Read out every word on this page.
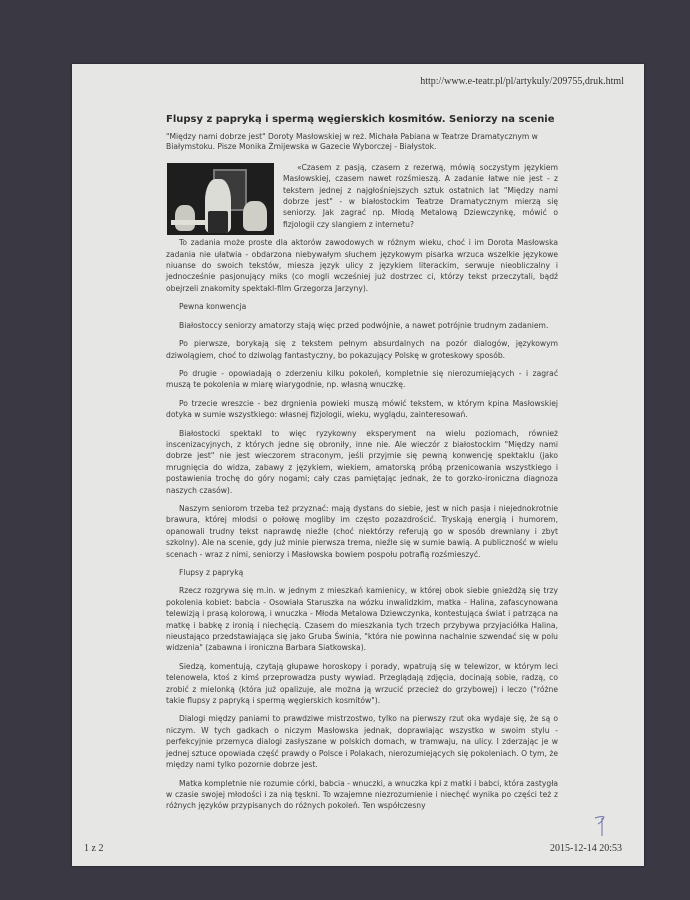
http://www.e-teatr.pl/pl/artykuly/209755,druk.html
Flupsy z papryką i spermą węgierskich kosmitów. Seniorzy na scenie
"Między nami dobrze jest" Doroty Masłowskiej w reż. Michała Pabiana w Teatrze Dramatycznym w Białymstoku. Pisze Monika Żmijewska w Gazecie Wyborczej - Białystok.

«Czasem z pasją, czasem z rezerwą, mówią soczystym językiem Masłowskiej, czasem nawet rozśmieszą. A zadanie łatwe nie jest - z tekstem jednej z najgłośniejszych sztuk ostatnich lat "Między nami dobrze jest" - w białostockim Teatrze Dramatycznym mierzą się seniorzy. Jak zagrać np. Młodą Metalową Dziewczynkę, mówić o fizjologii czy slangiem z internetu?

To zadania może proste dla aktorów zawodowych w różnym wieku, choć i im Dorota Masłowska zadania nie ułatwia - obdarzona niebywałym słuchem językowym pisarka wrzuca wszelkie językowe niuanse do swoich tekstów, miesza język ulicy z językiem literackim, serwuje nieobliczalny i jednocześnie pasjonujący miks (co mogli wcześniej już dostrzec ci, którzy tekst przeczytali, bądź obejrzeli znakomity spektakl-film Grzegorza Jarzyny).

Pewna konwencja

Białostoccy seniorzy amatorzy stają więc przed podwójnie, a nawet potrójnie trudnym zadaniem.

Po pierwsze, borykają się z tekstem pełnym absurdalnych na pozór dialogów, językowym dziwolągiem, choć to dziwoląg fantastyczny, bo pokazujący Polskę w groteskowy sposób.

Po drugie - opowiadają o zderzeniu kilku pokoleń, kompletnie się nierozumiejących - i zagrać muszą te pokolenia w miarę wiarygodnie, np. własną wnuczkę.

Po trzecie wreszcie - bez drgnienia powieki muszą mówić tekstem, w którym kpina Masłowskiej dotyka w sumie wszystkiego: własnej fizjologii, wieku, wyglądu, zainteresowań.

Białostocki spektakl to więc ryzykowny eksperyment na wielu poziomach, również inscenizacyjnych, z których jedne się obroniły, inne nie. Ale wieczór z białostockim "Między nami dobrze jest" nie jest wieczorem straconym, jeśli przyjmie się pewną konwencję spektaklu (jako mrugnięcia do widza, zabawy z językiem, wiekiem, amatorską próbą przenicowania wszystkiego i postawienia trochę do góry nogami; cały czas pamiętając jednak, że to gorzko-ironiczna diagnoza naszych czasów).

Naszym seniorom trzeba też przyznać: mają dystans do siebie, jest w nich pasja i niejednokrotnie brawura, której młodsi o połowę mogliby im często pozazdrościć. Tryskają energią i humorem, opanowali trudny tekst naprawdę nieźle (choć niektórzy referują go w sposób drewniany i zbyt szkolny). Ale na scenie, gdy już minie pierwsza trema, nieźle się w sumie bawią. A publiczność w wielu scenach - wraz z nimi, seniorzy i Masłowska bowiem pospołu potrafią rozśmieszyć.

Flupsy z papryką

Rzecz rozgrywa się m.in. w jednym z mieszkań kamienicy, w której obok siebie gnieżdżą się trzy pokolenia kobiet: babcia - Osowiała Staruszka na wózku inwalidzkim, matka - Halina, zafascynowana telewizją i prasą kolorową, i wnuczka - Młoda Metalowa Dziewczynka, kontestująca świat i patrząca na matkę i babkę z ironią i niechęcią. Czasem do mieszkania tych trzech przybywa przyjaciółka Halina, nieustająco przedstawiająca się jako Gruba Świnia, "która nie powinna nachalnie szwendać się w polu widzenia" (zabawna i ironiczna Barbara Siatkowska).

Siedzą, komentują, czytają głupawe horoskopy i porady, wpatrują się w telewizor, w którym leci telenowela, ktoś z kimś przeprowadza pusty wywiad. Przeglądają zdjęcia, docinają sobie, radzą, co zrobić z mielonką (która już opalizuje, ale można ją wrzucić przecież do grzybowej) i leczo ("różne takie flupsy z papryką i spermą węgierskich kosmitów").

Dialogi między paniami to prawdziwe mistrzostwo, tylko na pierwszy rzut oka wydaje się, że są o niczym. W tych gadkach o niczym Masłowska jednak, doprawiając wszystko w swoim stylu - perfekcyjnie przemyca dialogi zasłyszane w polskich domach, w tramwaju, na ulicy. I zderzając je w jednej sztuce opowiada część prawdy o Polsce i Polakach, nierozumiejących się pokoleniach. O tym, że między nami tylko pozornie dobrze jest.

Matka kompletnie nie rozumie córki, babcia - wnuczki, a wnuczka kpi z matki i babci, która zastygła w czasie swojej młodości i za nią tęskni. To wzajemne niezrozumienie i niechęć wynika po części też z różnych języków przypisanych do różnych pokoleń. Ten współczesny

1 z 2	2015-12-14 20:53
